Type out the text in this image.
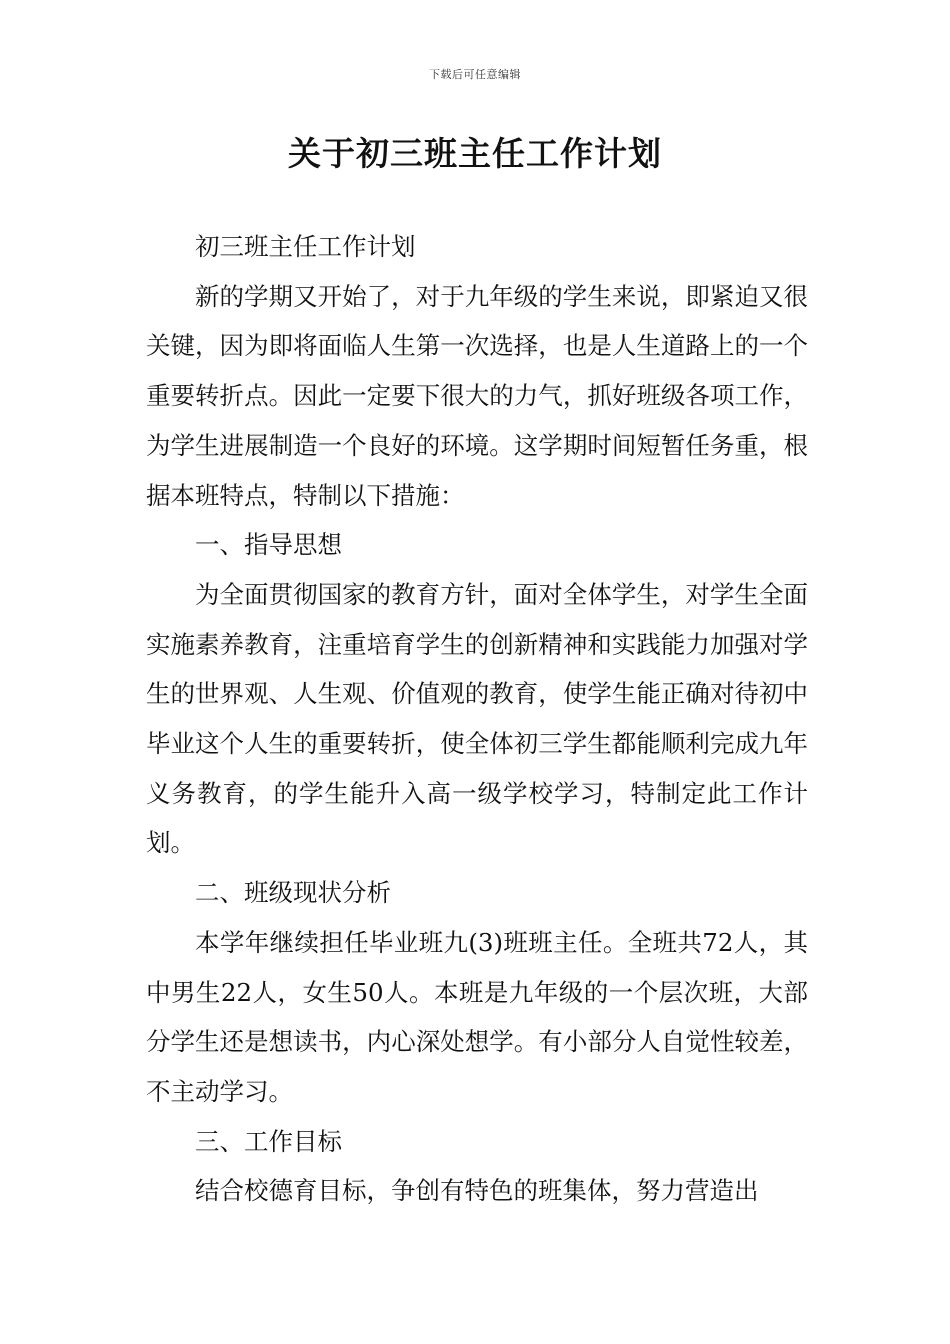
下载后可任意编辑
关于初三班主任工作计划

初三班主任工作计划

新的学期又开始了，对于九年级的学生来说，即紧迫又很关键，因为即将面临人生第一次选择，也是人生道路上的一个重要转折点。因此一定要下很大的力气，抓好班级各项工作，为学生进展制造一个良好的环境。这学期时间短暂任务重，根据本班特点，特制以下措施：

一、指导思想

为全面贯彻国家的教育方针，面对全体学生，对学生全面实施素养教育，注重培育学生的创新精神和实践能力加强对学生的世界观、人生观、价值观的教育，使学生能正确对待初中毕业这个人生的重要转折，使全体初三学生都能顺利完成九年义务教育，的学生能升入高一级学校学习，特制定此工作计划。

二、班级现状分析

本学年继续担任毕业班九(3)班班主任。全班共72人，其中男生22人，女生50人。本班是九年级的一个层次班，大部分学生还是想读书，内心深处想学。有小部分人自觉性较差，不主动学习。

三、工作目标

结合校德育目标，争创有特色的班集体，努力营造出
